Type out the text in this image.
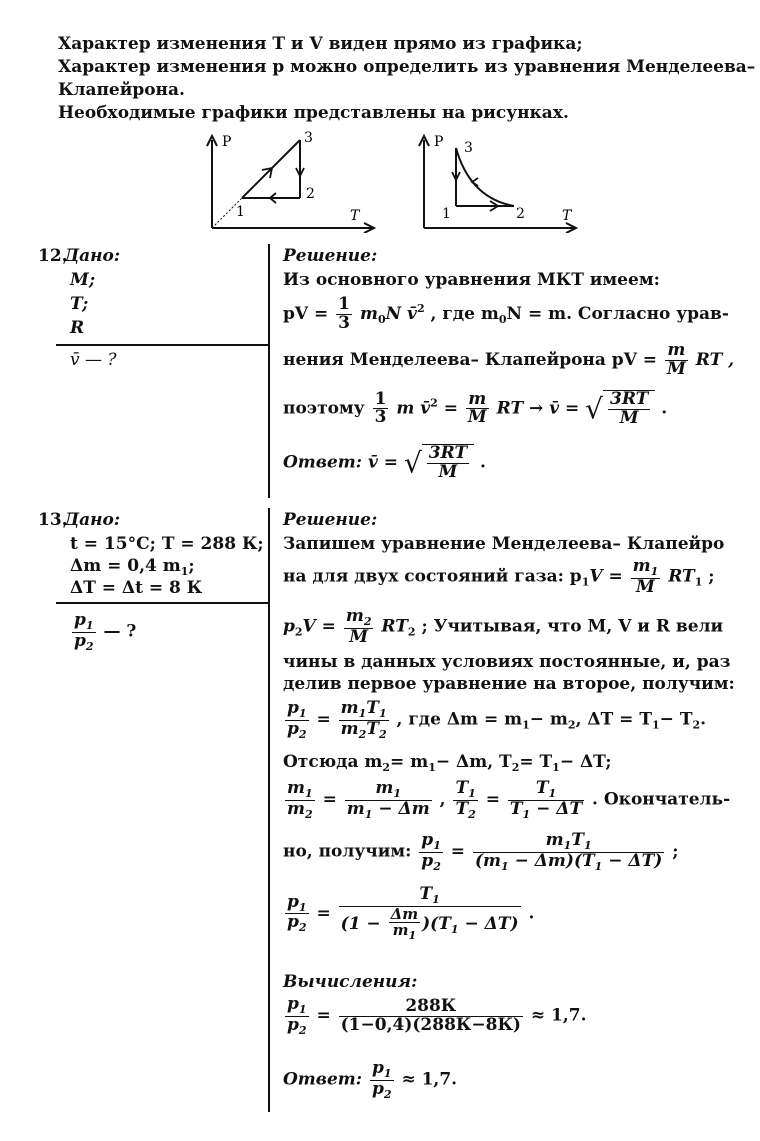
Характер изменения T и V виден прямо из графика;
Характер изменения p можно определить из уравнения Менделеева–
Клапейрона.
Необходимые графики представлены на рисунках.
P
T
1
2
3	P
T
1	2
3
12.
Дано:
M;
T;
R
v̄ — ?
Решение:
Из основного уравнения МКТ имеем:
pV = $\frac{1}{3} m_0N$ v̄$^2$ , где $m_0N = m$. Согласно урав-
нения Менделеева– Клапейрона pV = $\frac{m}{M}$ RT ,
поэтому $\frac{1}{3}$ m v̄$^2$ = $\frac{m}{M}$ RT → v̄ = √ $\frac{3RT}{M}$ .
Ответ: v̄ = √ $\frac{3RT}{M}$ .
13.
Дано:
t = 15°C; T = 288 К;
Δm = 0,4 $m_1$;
ΔT = Δt = 8 К
$\frac{p_1}{p_2}$ — ?
Решение:
Запишем уравнение Менделеева– Клапейро
на для двух состояний газа: $p_1V = \frac{m_1}{M} RT_1$ ;
$p_2V = \frac{m_2}{M} RT_2$ ; Учитывая, что M, V и R вели
чины в данных условиях постоянные, и, раз
делив первое уравнение на второе, получим:
$\frac{p_1}{p_2} = \frac{m_1T_1}{m_2T_2}$ , где $\Delta m = m_1- m_2$, $\Delta T = T_1- T_2$.
Отсюда $m_2= m_1- \Delta m$, $T_2= T_1- \Delta T$;
$\frac{m_1}{m_2} = \frac{m_1}{m_1 - \Delta m}$ , $\frac{T_1}{T_2} = \frac{T_1}{T_1 - \Delta T}$ . Окончатель-
но, получим: $\frac{p_1}{p_2} = \frac{m_1T_1}{(m_1 - \Delta m)(T_1 - \Delta T)}$ ;
$\frac{p_1}{p_2} = \frac{T_1}{(1 - \frac{\Delta m}{m_1} )(T_1 - \Delta T)}$ .
Вычисления:
$\frac{p_1}{p_2} = \frac{288К}{(1-0,4)(288К-8К)} \approx 1,7$.
Ответ: $\frac{p_1}{p_2} \approx 1,7$.
